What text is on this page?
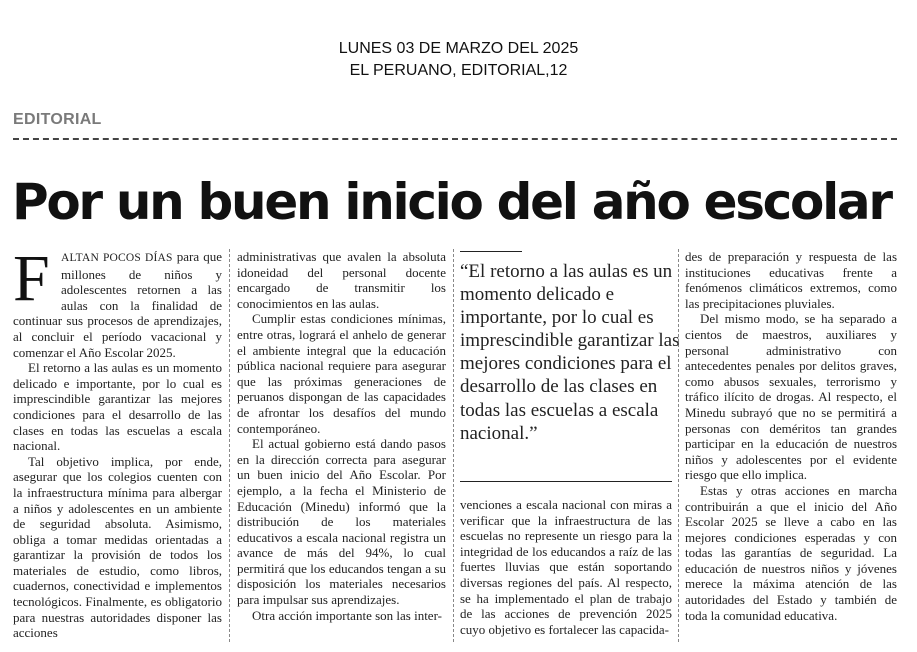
LUNES 03 DE MARZO DEL 2025
EL PERUANO, EDITORIAL,12
EDITORIAL
Por un buen inicio del año escolar

FALTAN POCOS DÍAS para que millones de niños y adolescentes retornen a las aulas con la finalidad de continuar sus procesos de aprendizajes, al concluir el período vacacional y comenzar el Año Escolar 2025.

El retorno a las aulas es un momento delicado e importante, por lo cual es imprescindible garantizar las mejores condiciones para el desarrollo de las clases en todas las escuelas a escala nacional.

Tal objetivo implica, por ende, asegurar que los colegios cuenten con la infraestructura mínima para albergar a niños y adolescentes en un ambiente de seguridad absoluta. Asimismo, obliga a tomar medidas orientadas a garantizar la provisión de todos los materiales de estudio, como libros, cuadernos, conectividad e implementos tecnológicos. Finalmente, es obligatorio para nuestras autoridades disponer las acciones

administrativas que avalen la absoluta idoneidad del personal docente encargado de transmitir los conocimientos en las aulas.

Cumplir estas condiciones mínimas, entre otras, logrará el anhelo de generar el ambiente integral que la educación pública nacional requiere para asegurar que las próximas generaciones de peruanos dispongan de las capacidades de afrontar los desafíos del mundo contemporáneo.

El actual gobierno está dando pasos en la dirección correcta para asegurar un buen inicio del Año Escolar. Por ejemplo, a la fecha el Ministerio de Educación (Minedu) informó que la distribución de los materiales educativos a escala nacional registra un avance de más del 94%, lo cual permitirá que los educandos tengan a su disposición los materiales necesarios para impulsar sus aprendizajes.

Otra acción importante son las inter-

“El retorno a las aulas es un momento delicado e importante, por lo cual es imprescindible garantizar las mejores condiciones para el desarrollo de las clases en todas las escuelas a escala nacional.”

venciones a escala nacional con miras a verificar que la infraestructura de las escuelas no represente un riesgo para la integridad de los educandos a raíz de las fuertes lluvias que están soportando diversas regiones del país. Al respecto, se ha implementado el plan de trabajo de las acciones de prevención 2025 cuyo objetivo es fortalecer las capacida-

des de preparación y respuesta de las instituciones educativas frente a fenómenos climáticos extremos, como las precipitaciones pluviales.

Del mismo modo, se ha separado a cientos de maestros, auxiliares y personal administrativo con antecedentes penales por delitos graves, como abusos sexuales, terrorismo y tráfico ilícito de drogas. Al respecto, el Minedu subrayó que no se permitirá a personas con deméritos tan grandes participar en la educación de nuestros niños y adolescentes por el evidente riesgo que ello implica.

Estas y otras acciones en marcha contribuirán a que el inicio del Año Escolar 2025 se lleve a cabo en las mejores condiciones esperadas y con todas las garantías de seguridad. La educación de nuestros niños y jóvenes merece la máxima atención de las autoridades del Estado y también de toda la comunidad educativa.
